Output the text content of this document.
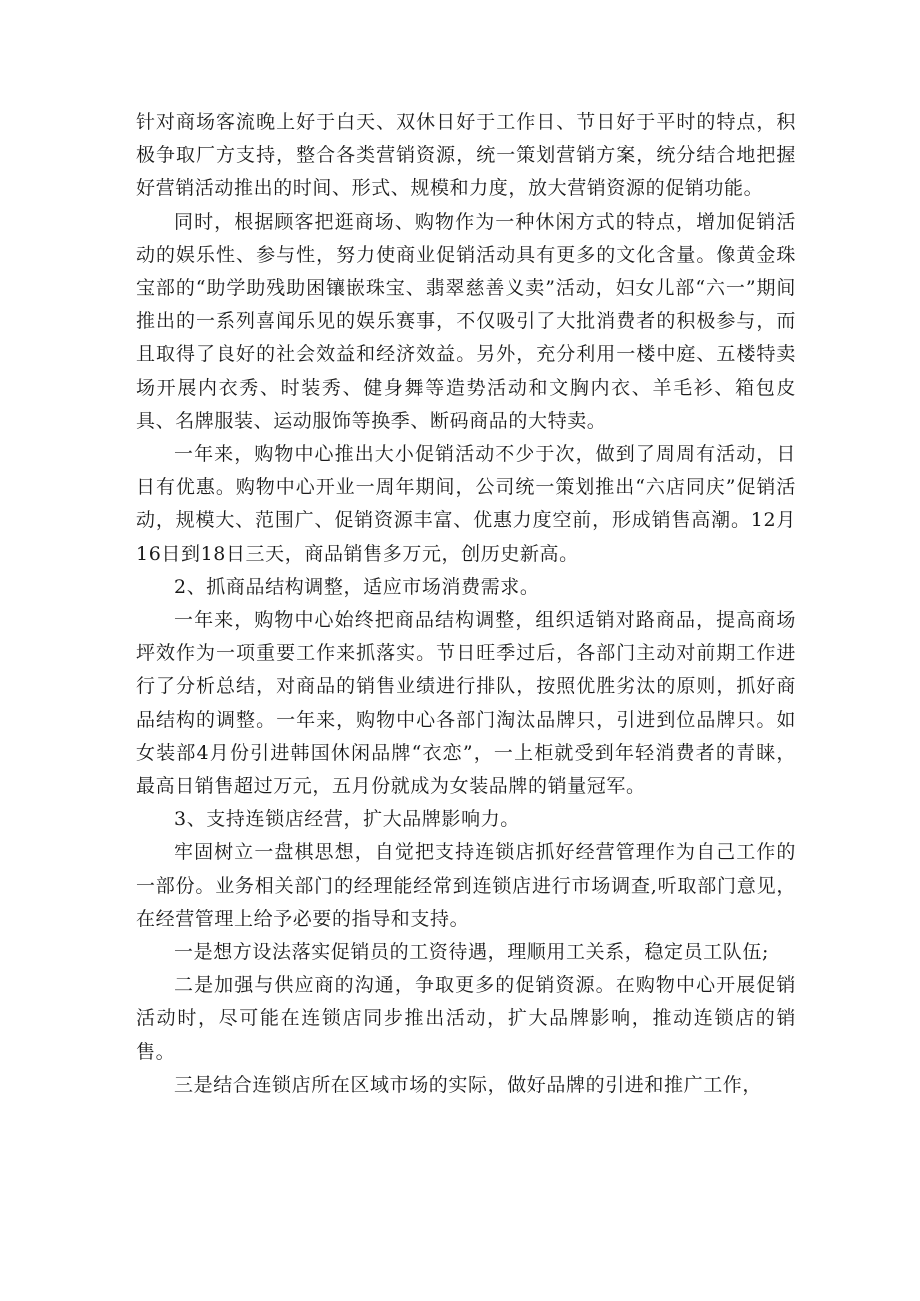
针对商场客流晚上好于白天、双休日好于工作日、节日好于平时的特点，积极争取厂方支持，整合各类营销资源，统一策划营销方案，统分结合地把握好营销活动推出的时间、形式、规模和力度，放大营销资源的促销功能。

同时，根据顾客把逛商场、购物作为一种休闲方式的特点，增加促销活动的娱乐性、参与性，努力使商业促销活动具有更多的文化含量。像黄金珠宝部的“助学助残助困镶嵌珠宝、翡翠慈善义卖”活动，妇女儿部“六一”期间推出的一系列喜闻乐见的娱乐赛事，不仅吸引了大批消费者的积极参与，而且取得了良好的社会效益和经济效益。另外，充分利用一楼中庭、五楼特卖场开展内衣秀、时装秀、健身舞等造势活动和文胸内衣、羊毛衫、箱包皮具、名牌服装、运动服饰等换季、断码商品的大特卖。

一年来，购物中心推出大小促销活动不少于次，做到了周周有活动，日日有优惠。购物中心开业一周年期间，公司统一策划推出“六店同庆”促销活动，规模大、范围广、促销资源丰富、优惠力度空前，形成销售高潮。12月16日到18日三天，商品销售多万元，创历史新高。

2、抓商品结构调整，适应市场消费需求。

一年来，购物中心始终把商品结构调整，组织适销对路商品，提高商场坪效作为一项重要工作来抓落实。节日旺季过后，各部门主动对前期工作进行了分析总结，对商品的销售业绩进行排队，按照优胜劣汰的原则，抓好商品结构的调整。一年来，购物中心各部门淘汰品牌只，引进到位品牌只。如女装部4月份引进韩国休闲品牌“衣恋”，一上柜就受到年轻消费者的青睐，最高日销售超过万元，五月份就成为女装品牌的销量冠军。

3、支持连锁店经营，扩大品牌影响力。

牢固树立一盘棋思想，自觉把支持连锁店抓好经营管理作为自己工作的一部份。业务相关部门的经理能经常到连锁店进行市场调查,听取部门意见，在经营管理上给予必要的指导和支持。

一是想方设法落实促销员的工资待遇，理顺用工关系，稳定员工队伍;

二是加强与供应商的沟通，争取更多的促销资源。在购物中心开展促销活动时，尽可能在连锁店同步推出活动，扩大品牌影响，推动连锁店的销售。

三是结合连锁店所在区域市场的实际，做好品牌的引进和推广工作，
